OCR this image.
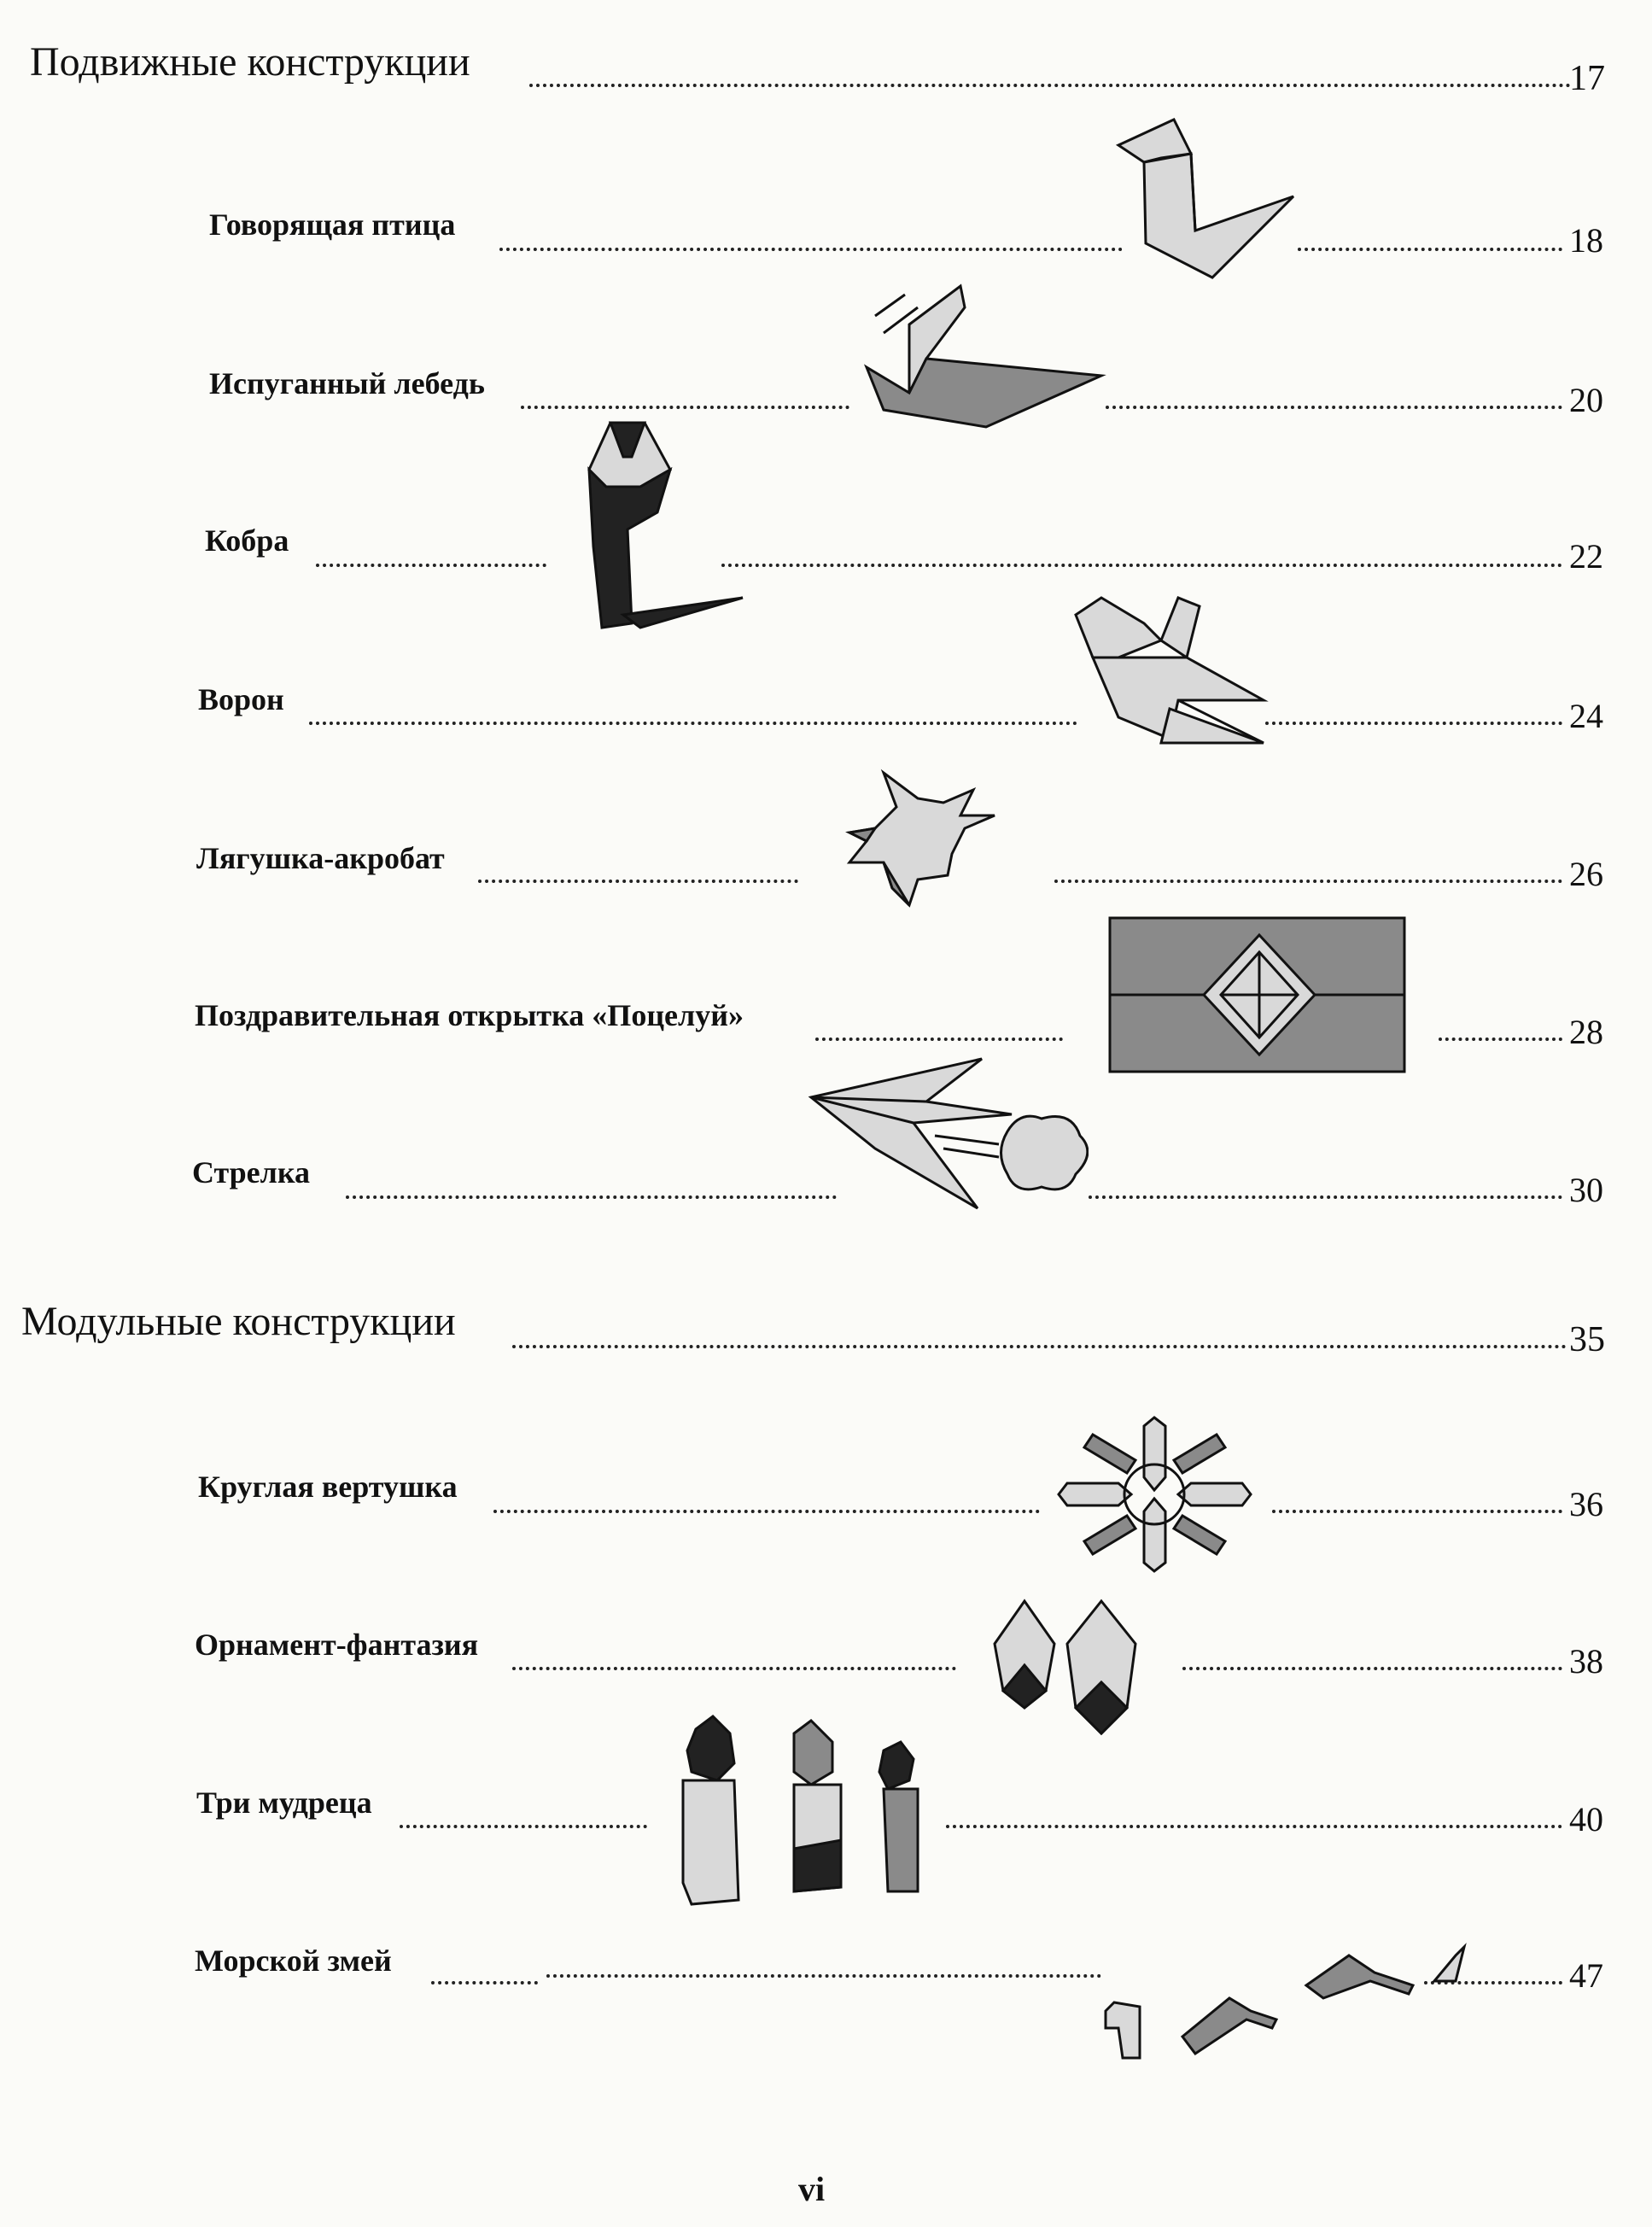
Подвижные конструкции	17
Говорящая птица	18
Испуганный лебедь	20
Кобра	22
Ворон	24
Лягушка-акробат	26
Поздравительная открытка «Поцелуй»	28
Стрелка	30
Модульные конструкции	35
Круглая вертушка	36
Орнамент-фантазия	38
Три мудреца	40
Морской змей	47
vi
